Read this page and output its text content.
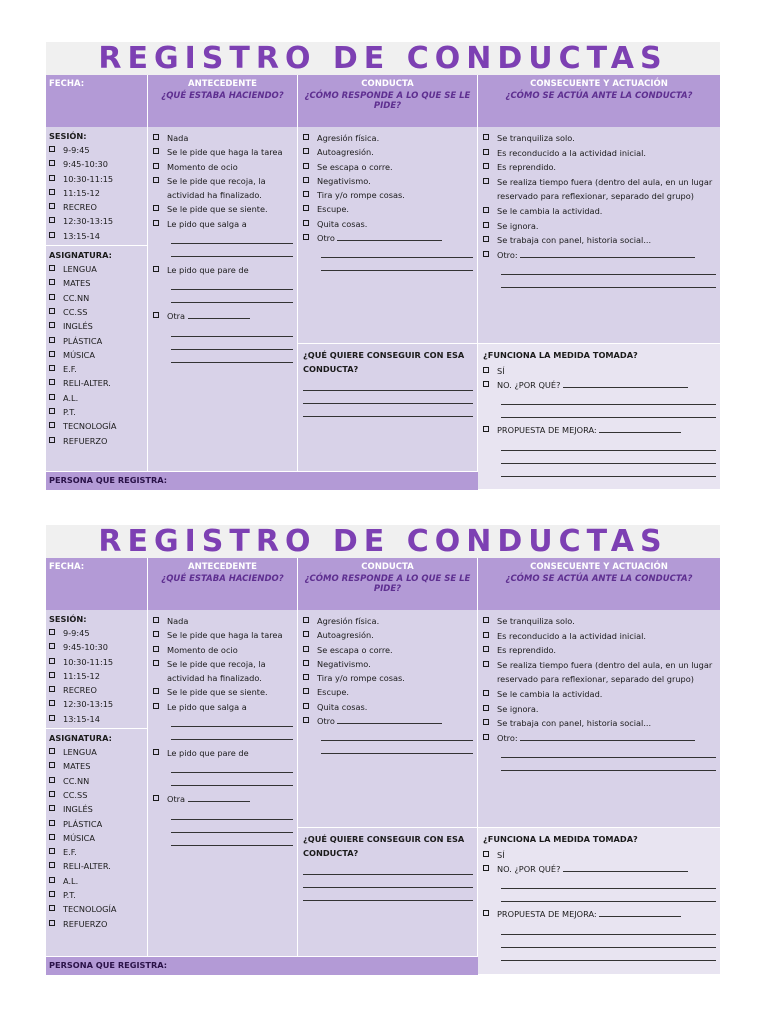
REGISTRO DE CONDUCTAS
FECHA:	ANTECEDENTE
¿QUÉ ESTABA HACIENDO?
CONDUCTA
¿CÓMO RESPONDE A LO QUE SE LE PIDE?
CONSECUENTE Y ACTUACIÓN
¿CÓMO SE ACTÚA ANTE LA CONDUCTA?
SESIÓN:
9-9:45
9:45-10:30
10:30-11:15
11:15-12
RECREO
12:30-13:15
13:15-14
ASIGNATURA:
LENGUA
MATES
CC.NN
CC.SS
INGLÉS
PLÁSTICA
MÚSICA
E.F.
RELI-ALTER.
A.L.
P.T.
TECNOLOGÍA
REFUERZO
Nada
Se le pide que haga la tarea
Momento de ocio
Se le pide que recoja, la actividad ha finalizado.
Se le pide que se siente.
Le pido que salga a
Le pido que pare de
Otra
Agresión física.
Autoagresión.
Se escapa o corre.
Negativismo.
Tira y/o rompe cosas.
Escupe.
Quita cosas.
Otro
¿QUÉ QUIERE CONSEGUIR CON ESA CONDUCTA?
Se tranquiliza solo.
Es reconducido a la actividad inicial.
Es reprendido.
Se realiza tiempo fuera (dentro del aula, en un lugar reservado para reflexionar, separado del grupo)
Se le cambia la actividad.
Se ignora.
Se trabaja con panel, historia social...
Otro:
¿FUNCIONA LA MEDIDA TOMADA?
SÍ
NO. ¿POR QUÉ?
PROPUESTA DE MEJORA:
PERSONA QUE REGISTRA:
REGISTRO DE CONDUCTAS
FECHA:	ANTECEDENTE
¿QUÉ ESTABA HACIENDO?
CONDUCTA
¿CÓMO RESPONDE A LO QUE SE LE PIDE?
CONSECUENTE Y ACTUACIÓN
¿CÓMO SE ACTÚA ANTE LA CONDUCTA?
SESIÓN:
9-9:45
9:45-10:30
10:30-11:15
11:15-12
RECREO
12:30-13:15
13:15-14
ASIGNATURA:
LENGUA
MATES
CC.NN
CC.SS
INGLÉS
PLÁSTICA
MÚSICA
E.F.
RELI-ALTER.
A.L.
P.T.
TECNOLOGÍA
REFUERZO
Nada
Se le pide que haga la tarea
Momento de ocio
Se le pide que recoja, la actividad ha finalizado.
Se le pide que se siente.
Le pido que salga a
Le pido que pare de
Otra
Agresión física.
Autoagresión.
Se escapa o corre.
Negativismo.
Tira y/o rompe cosas.
Escupe.
Quita cosas.
Otro
¿QUÉ QUIERE CONSEGUIR CON ESA CONDUCTA?
Se tranquiliza solo.
Es reconducido a la actividad inicial.
Es reprendido.
Se realiza tiempo fuera (dentro del aula, en un lugar reservado para reflexionar, separado del grupo)
Se le cambia la actividad.
Se ignora.
Se trabaja con panel, historia social...
Otro:
¿FUNCIONA LA MEDIDA TOMADA?
SÍ
NO. ¿POR QUÉ?
PROPUESTA DE MEJORA:
PERSONA QUE REGISTRA:
